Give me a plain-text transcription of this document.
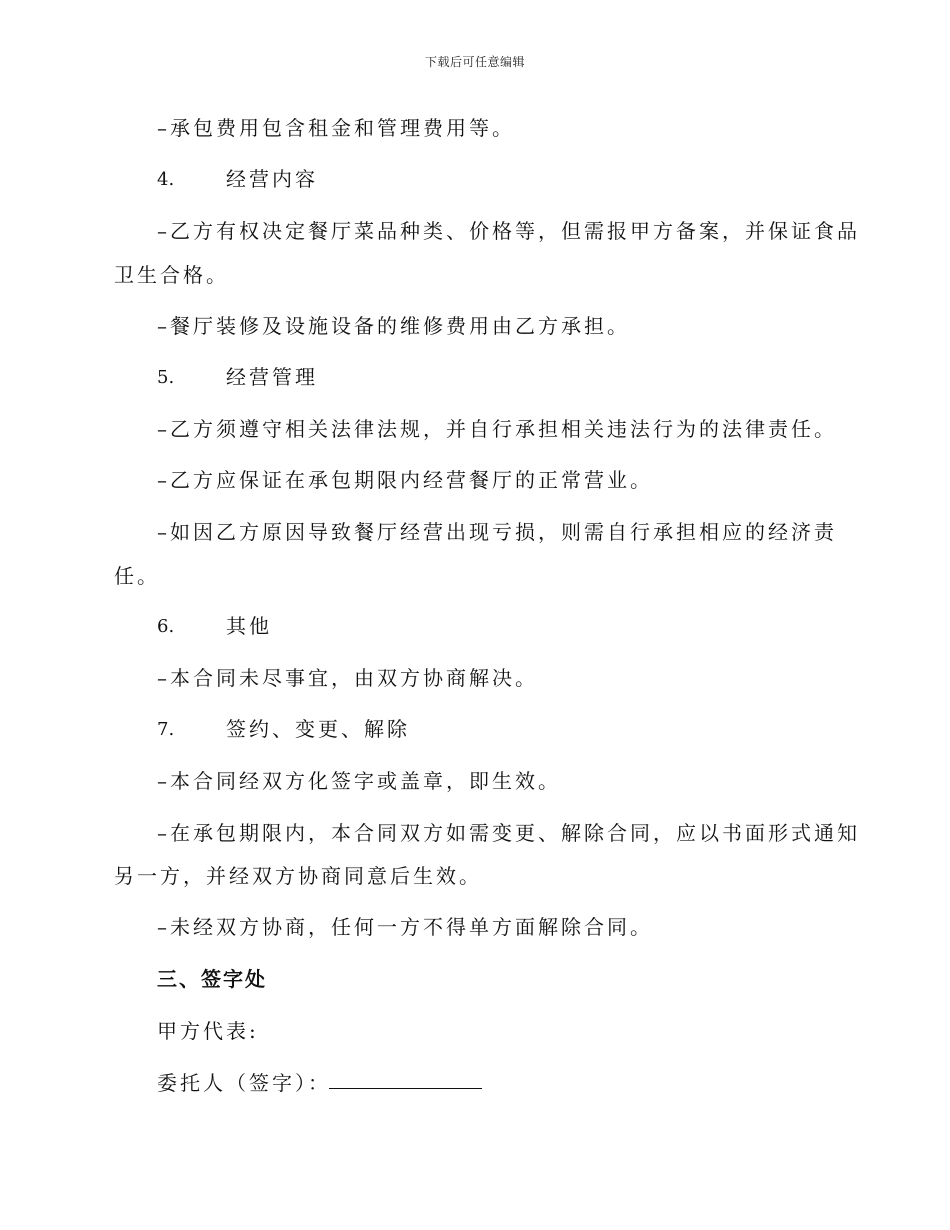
下载后可任意编辑
–承包费用包含租金和管理费用等。
4.	经营内容
–乙方有权决定餐厅菜品种类、价格等，但需报甲方备案，并保证食品
卫生合格。
–餐厅装修及设施设备的维修费用由乙方承担。
5.	经营管理
–乙方须遵守相关法律法规，并自行承担相关违法行为的法律责任。
–乙方应保证在承包期限内经营餐厅的正常营业。
–如因乙方原因导致餐厅经营出现亏损，则需自行承担相应的经济责
任。
6.	其他
–本合同未尽事宜，由双方协商解决。
7.	签约、变更、解除
–本合同经双方化签字或盖章，即生效。
–在承包期限内，本合同双方如需变更、解除合同，应以书面形式通知
另一方，并经双方协商同意后生效。
–未经双方协商，任何一方不得单方面解除合同。
三、签字处
甲方代表:
委托人（签字）：
